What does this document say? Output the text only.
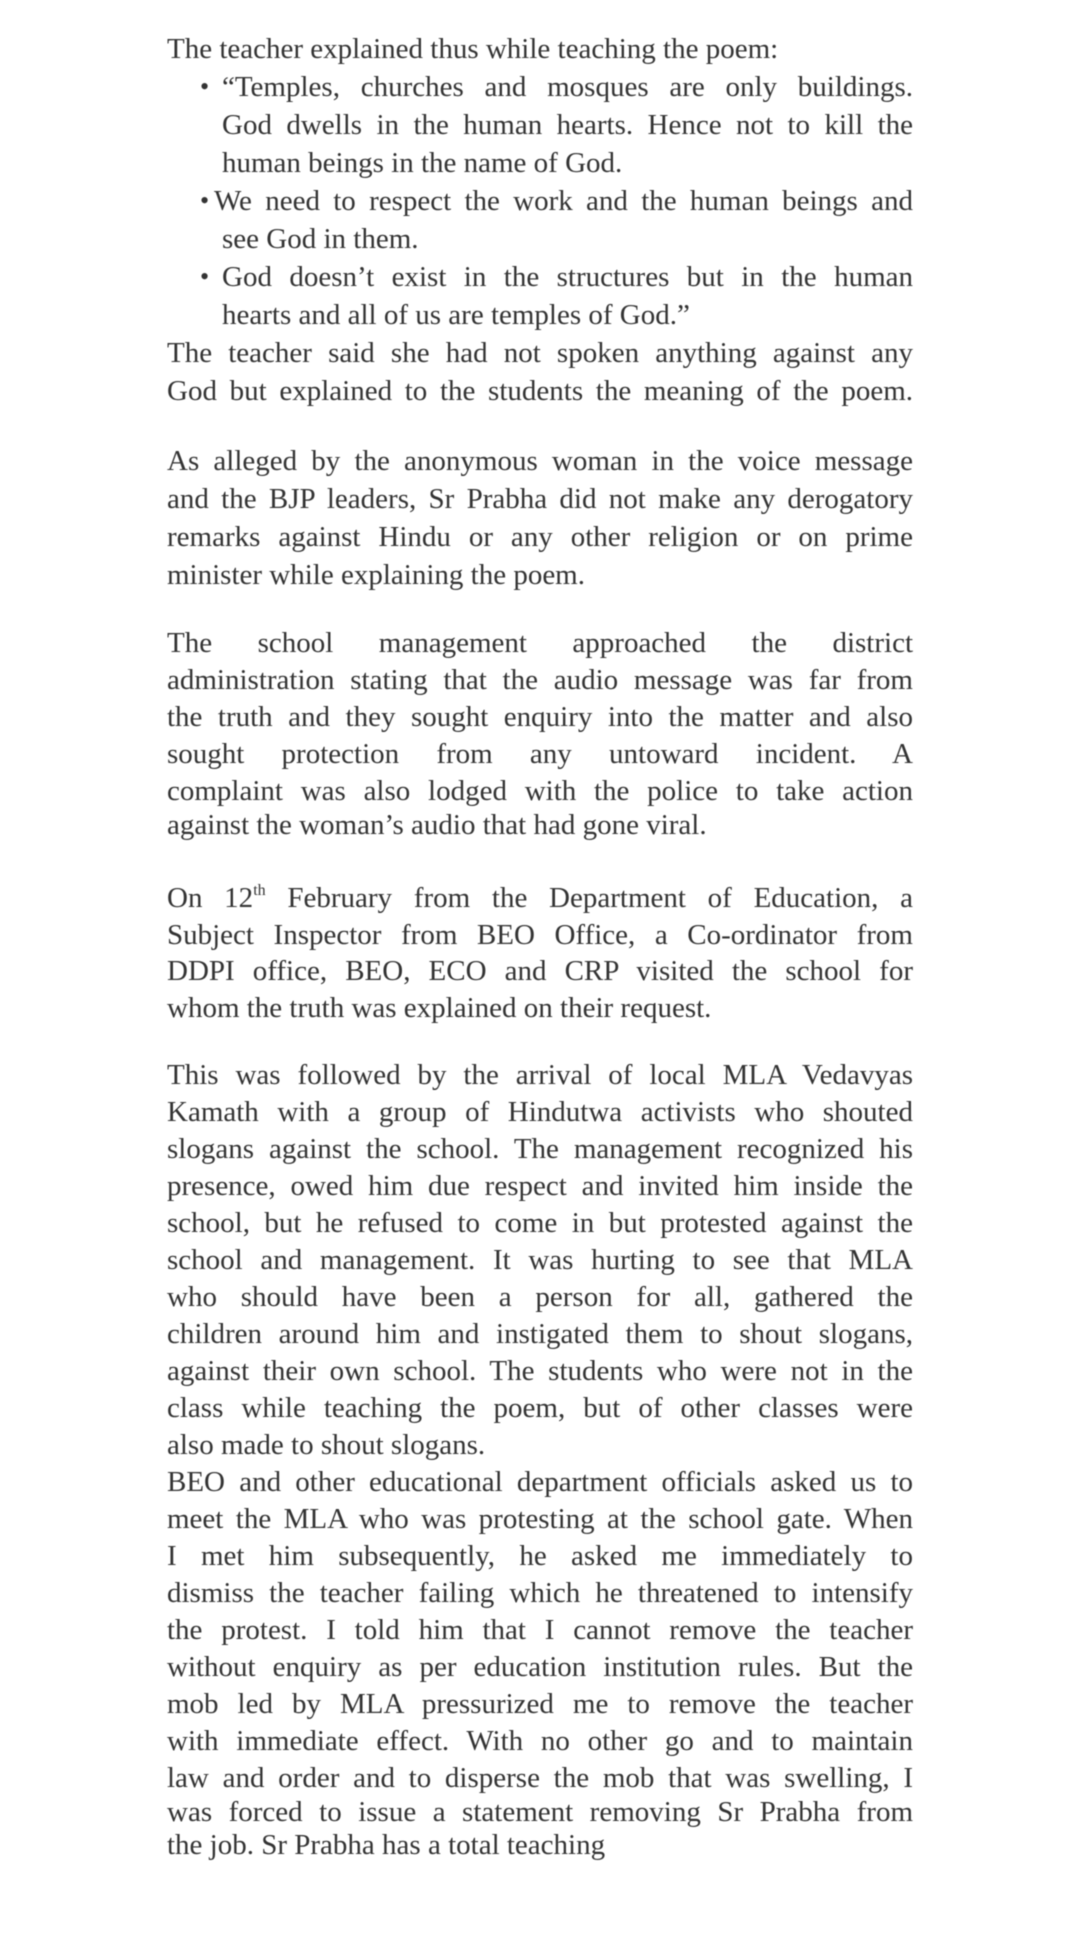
The teacher explained thus while teaching the poem:
• “Temples, churches and mosques are only buildings.
God dwells in the human hearts. Hence not to kill the
human beings in the name of God.
• We need to respect the work and the human beings and
see God in them.
• God doesn’t exist in the structures but in the human
hearts and all of us are temples of God.”
The teacher said she had not spoken anything against any
God but explained to the students the meaning of the poem.
As alleged by the anonymous woman in the voice message
and the BJP leaders, Sr Prabha did not make any derogatory
remarks against Hindu or any other religion or on prime
minister while explaining the poem.
The school management approached the district
administration stating that the audio message was far from
the truth and they sought enquiry into the matter and also
sought protection from any untoward incident. A
complaint was also lodged with the police to take action
against the woman’s audio that had gone viral.
On 12th February from the Department of Education, a
Subject Inspector from BEO Office, a Co-ordinator from
DDPI office, BEO, ECO and CRP visited the school for
whom the truth was explained on their request.
This was followed by the arrival of local MLA Vedavyas
Kamath with a group of Hindutwa activists who shouted
slogans against the school. The management recognized his
presence, owed him due respect and invited him inside the
school, but he refused to come in but protested against the
school and management. It was hurting to see that MLA
who should have been a person for all, gathered the
children around him and instigated them to shout slogans,
against their own school. The students who were not in the
class while teaching the poem, but of other classes were
also made to shout slogans.
BEO and other educational department officials asked us to
meet the MLA who was protesting at the school gate. When
I met him subsequently, he asked me immediately to
dismiss the teacher failing which he threatened to intensify
the protest. I told him that I cannot remove the teacher
without enquiry as per education institution rules. But the
mob led by MLA pressurized me to remove the teacher
with immediate effect. With no other go and to maintain
law and order and to disperse the mob that was swelling, I
was forced to issue a statement removing Sr Prabha from
the job. Sr Prabha has a total teaching
